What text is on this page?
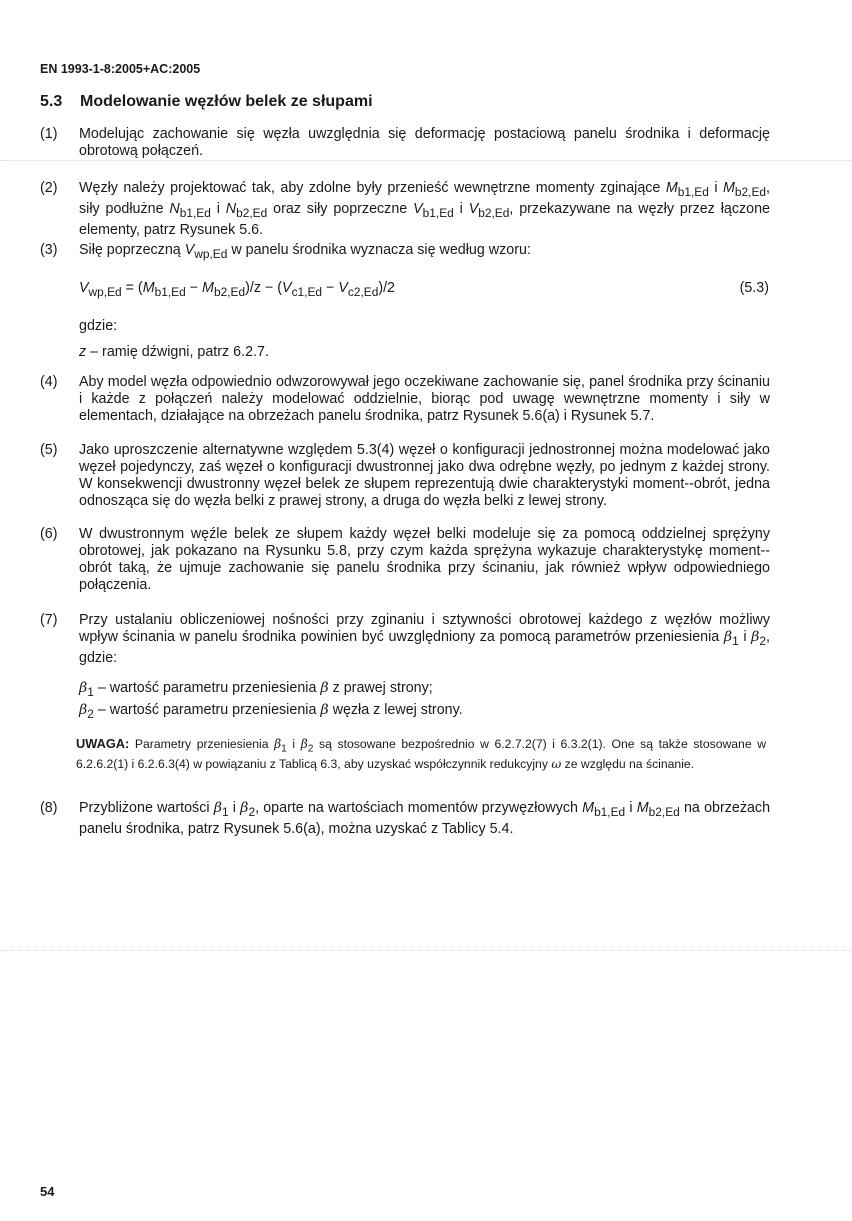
EN 1993-1-8:2005+AC:2005
5.3 Modelowanie węzłów belek ze słupami
(1) Modelując zachowanie się węzła uwzględnia się deformację postaciową panelu środnika i deformację obrotową połączeń.
(2) Węzły należy projektować tak, aby zdolne były przenieść wewnętrzne momenty zginające $M_{b1,Ed}$ i $M_{b2,Ed}$, siły podłużne $N_{b1,Ed}$ i $N_{b2,Ed}$ oraz siły poprzeczne $V_{b1,Ed}$ i $V_{b2,Ed}$, przekazywane na węzły przez łączone elementy, patrz Rysunek 5.6.
(3) Siłę poprzeczną $V_{wp,Ed}$ w panelu środnika wyznacza się według wzoru:
$V_{wp,Ed} = (M_{b1,Ed} - M_{b2,Ed})/z - (V_{c1,Ed} - V_{c2,Ed})/2$	(5.3)
gdzie:
z – ramię dźwigni, patrz 6.2.7.
(4) Aby model węzła odpowiednio odwzorowywał jego oczekiwane zachowanie się, panel środnika przy ścinaniu i każde z połączeń należy modelować oddzielnie, biorąc pod uwagę wewnętrzne momenty i siły w elementach, działające na obrzeżach panelu środnika, patrz Rysunek 5.6(a) i Rysunek 5.7.
(5) Jako uproszczenie alternatywne względem 5.3(4) węzeł o konfiguracji jednostronnej można modelować jako węzeł pojedynczy, zaś węzeł o konfiguracji dwustronnej jako dwa odrębne węzły, po jednym z każdej strony. W konsekwencji dwustronny węzeł belek ze słupem reprezentują dwie charakterystyki moment--obrót, jedna odnosząca się do węzła belki z prawej strony, a druga do węzła belki z lewej strony.
(6) W dwustronnym węźle belek ze słupem każdy węzeł belki modeluje się za pomocą oddzielnej sprężyny obrotowej, jak pokazano na Rysunku 5.8, przy czym każda sprężyna wykazuje charakterystykę moment--obrót taką, że ujmuje zachowanie się panelu środnika przy ścinaniu, jak również wpływ odpowiedniego połączenia.
(7) Przy ustalaniu obliczeniowej nośności przy zginaniu i sztywności obrotowej każdego z węzłów możliwy wpływ ścinania w panelu środnika powinien być uwzględniony za pomocą parametrów przeniesienia $\beta_1$ i $\beta_2$, gdzie:
$\beta_1$ – wartość parametru przeniesienia β z prawej strony;
$\beta_2$ – wartość parametru przeniesienia β węzła z lewej strony.
UWAGA: Parametry przeniesienia $\beta_1$ i $\beta_2$ są stosowane bezpośrednio w 6.2.7.2(7) i 6.3.2(1). One są także stosowane w 6.2.6.2(1) i 6.2.6.3(4) w powiązaniu z Tablicą 6.3, aby uzyskać współczynnik redukcyjny ω ze względu na ścinanie.
(8) Przybliżone wartości $\beta_1$ i $\beta_2$, oparte na wartościach momentów przywęzłowych $M_{b1,Ed}$ i $M_{b2,Ed}$ na obrzeżach panelu środnika, patrz Rysunek 5.6(a), można uzyskać z Tablicy 5.4.
54
